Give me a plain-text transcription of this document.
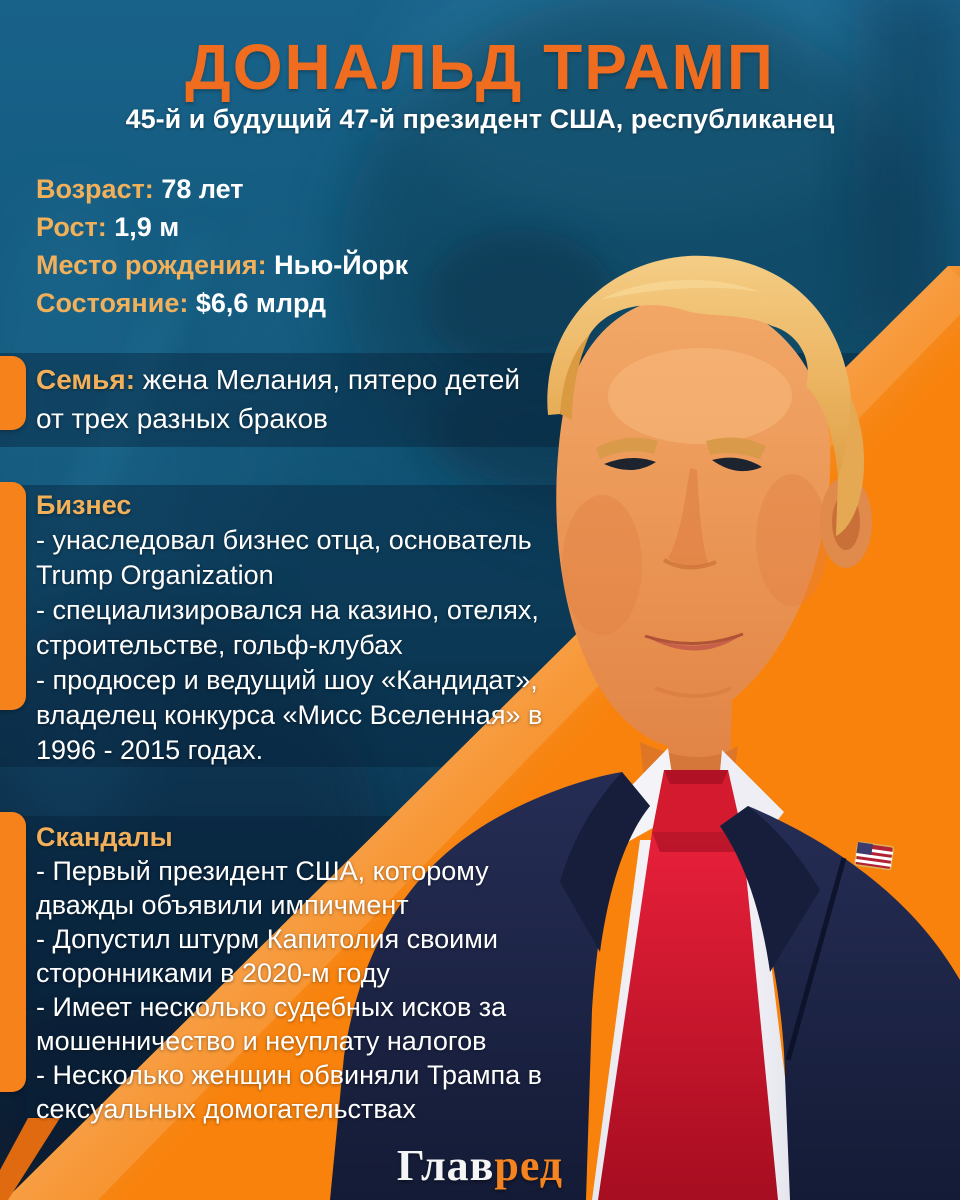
ДОНАЛЬД ТРАМП
45-й и будущий 47-й президент США, республиканец
Возраст: 78 лет
Рост: 1,9 м
Место рождения: Нью-Йорк
Состояние: $6,6 млрд
Семья: жена Мелания, пятеро детей
от трех разных браков
Бизнес
- унаследовал бизнес отца, основатель
Trump Organization
- специализировался на казино, отелях,
строительстве, гольф-клубах
- продюсер и ведущий шоу «Кандидат»,
владелец конкурса «Мисс Вселенная» в
1996 - 2015 годах.
Скандалы
- Первый президент США, которому
дважды объявили импичмент
- Допустил штурм Капитолия своими
сторонниками в 2020-м году
- Имеет несколько судебных исков за
мошенничество и неуплату налогов
- Несколько женщин обвиняли Трампа в
сексуальных домогательствах
Главред
